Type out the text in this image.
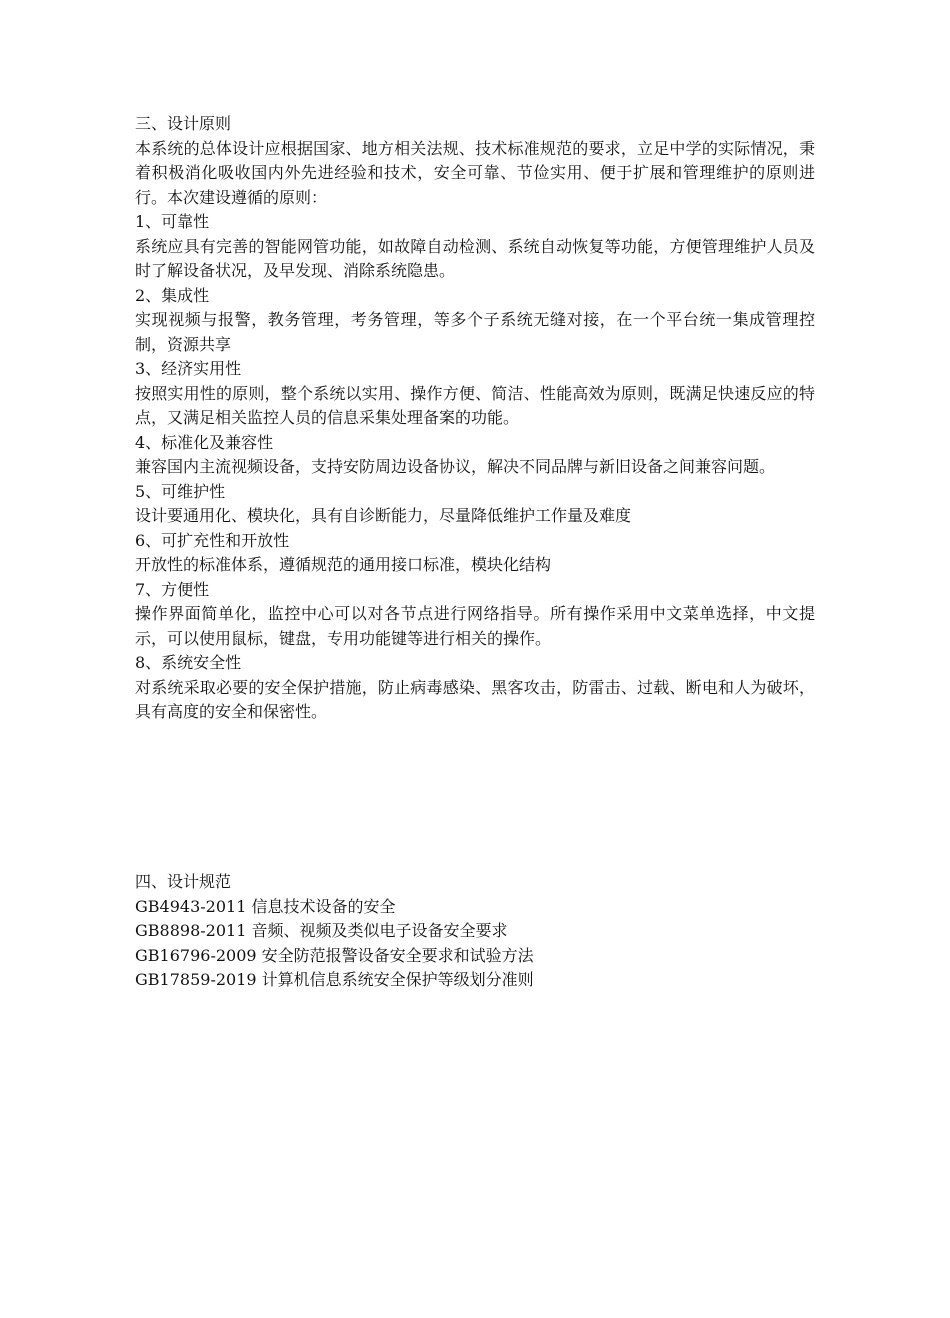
三、设计原则
本系统的总体设计应根据国家、地方相关法规、技术标准规范的要求，立足中学的实际情况，秉着积极消化吸收国内外先进经验和技术，安全可靠、节俭实用、便于扩展和管理维护的原则进行。本次建设遵循的原则：
1、可靠性
系统应具有完善的智能网管功能，如故障自动检测、系统自动恢复等功能，方便管理维护人员及时了解设备状况，及早发现、消除系统隐患。
2、集成性
实现视频与报警，教务管理，考务管理，等多个子系统无缝对接，在一个平台统一集成管理控制，资源共享
3、经济实用性
按照实用性的原则，整个系统以实用、操作方便、简洁、性能高效为原则，既满足快速反应的特点，又满足相关监控人员的信息采集处理备案的功能。
4、标准化及兼容性
兼容国内主流视频设备，支持安防周边设备协议，解决不同品牌与新旧设备之间兼容问题。
5、可维护性
设计要通用化、模块化，具有自诊断能力，尽量降低维护工作量及难度
6、可扩充性和开放性
开放性的标准体系，遵循规范的通用接口标准，模块化结构
7、方便性
操作界面简单化，监控中心可以对各节点进行网络指导。所有操作采用中文菜单选择，中文提示，可以使用鼠标，键盘，专用功能键等进行相关的操作。
8、系统安全性
对系统采取必要的安全保护措施，防止病毒感染、黑客攻击，防雷击、过载、断电和人为破坏，具有高度的安全和保密性。
四、设计规范
GB4943-2011 信息技术设备的安全
GB8898-2011 音频、视频及类似电子设备安全要求
GB16796-2009 安全防范报警设备安全要求和试验方法
GB17859-2019 计算机信息系统安全保护等级划分准则
